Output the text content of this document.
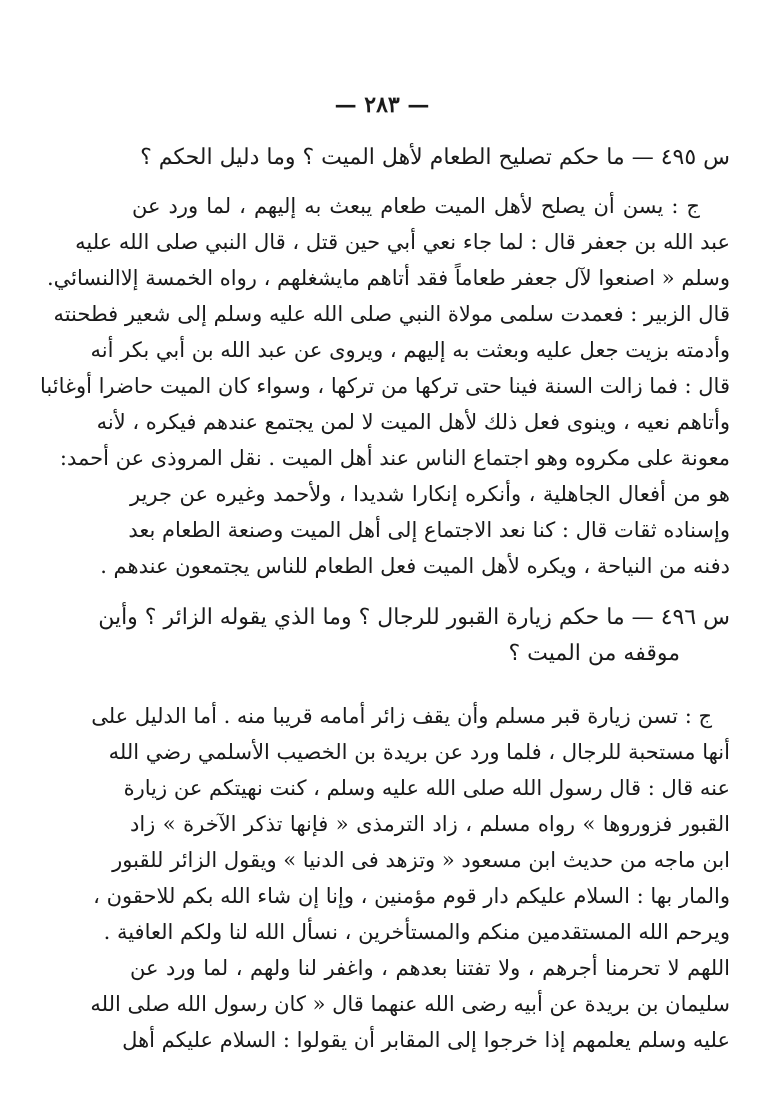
— ٢٨٣ —
س ٤٩٥ — ما حكم تصليح الطعام لأهل الميت ؟ وما دليل الحكم ؟
ج : يسن أن يصلح لأهل الميت طعام يبعث به إليهم ، لما ورد عن
عبد الله بن جعفر قال : لما جاء نعي أبي حين قتل ، قال النبي صلى الله عليه
وسلم « اصنعوا لآل جعفر طعاماً فقد أتاهم مايشغلهم ، رواه الخمسة إلاالنسائي.
قال الزبير : فعمدت سلمى مولاة النبي صلى الله عليه وسلم إلى شعير فطحنته
وأدمته بزيت جعل عليه وبعثت به إليهم ، ويروى عن عبد الله بن أبي بكر أنه
قال : فما زالت السنة فينا حتى تركها من تركها ، وسواء كان الميت حاضرا أوغائبا
وأتاهم نعيه ، وينوى فعل ذلك لأهل الميت لا لمن يجتمع عندهم فيكره ، لأنه
معونة على مكروه وهو اجتماع الناس عند أهل الميت . نقل المروذى عن أحمد:
هو من أفعال الجاهلية ، وأنكره إنكارا شديدا ، ولأحمد وغيره عن جرير
وإسناده ثقات قال : كنا نعد الاجتماع إلى أهل الميت وصنعة الطعام بعد
دفنه من النياحة ، ويكره لأهل الميت فعل الطعام للناس يجتمعون عندهم .
س ٤٩٦ — ما حكم زيارة القبور للرجال ؟ وما الذي يقوله الزائر ؟ وأين
موقفه من الميت ؟
ج : تسن زيارة قبر مسلم وأن يقف زائر أمامه قريبا منه . أما الدليل على
أنها مستحبة للرجال ، فلما ورد عن بريدة بن الخصيب الأسلمي رضي الله
عنه قال : قال رسول الله صلى الله عليه وسلم ، كنت نهيتكم عن زيارة
القبور فزوروها » رواه مسلم ، زاد الترمذى « فإنها تذكر الآخرة » زاد
ابن ماجه من حديث ابن مسعود « وتزهد فى الدنيا » ويقول الزائر للقبور
والمار بها : السلام عليكم دار قوم مؤمنين ، وإنا إن شاء الله بكم للاحقون ،
ويرحم الله المستقدمين منكم والمستأخرين ، نسأل الله لنا ولكم العافية .
اللهم لا تحرمنا أجرهم ، ولا تفتنا بعدهم ، واغفر لنا ولهم ، لما ورد عن
سليمان بن بريدة عن أبيه رضى الله عنهما قال « كان رسول الله صلى الله
عليه وسلم يعلمهم إذا خرجوا إلى المقابر أن يقولوا : السلام عليكم أهل
